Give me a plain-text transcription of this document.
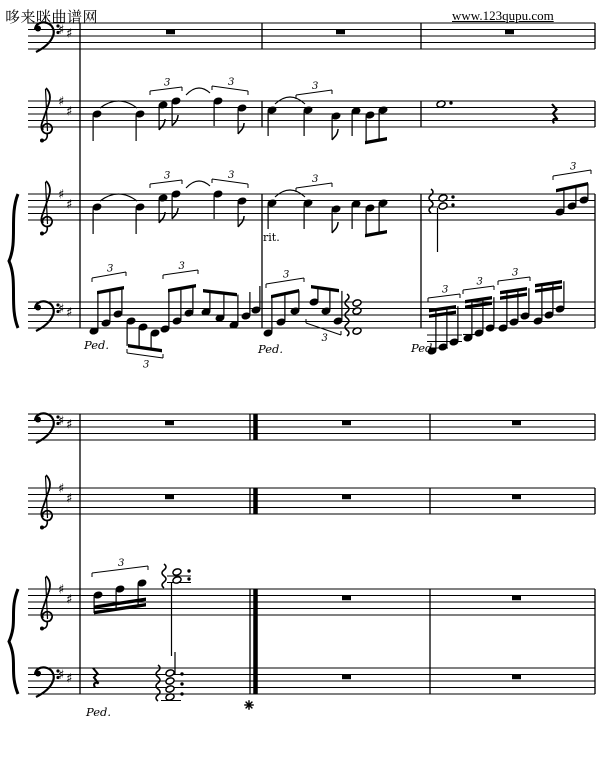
哆来咪曲谱网	www.123qupu.com
♯ ♯
♯
♯
♯
♯
♯ ♯
♯ ♯
♯
♯
♯
♯
♯ ♯
3	3	3
3	3	3
rit.
3
3
3
3
Ped.
3
3
Ped.
3
3
3
Ped.
3
Ped.
